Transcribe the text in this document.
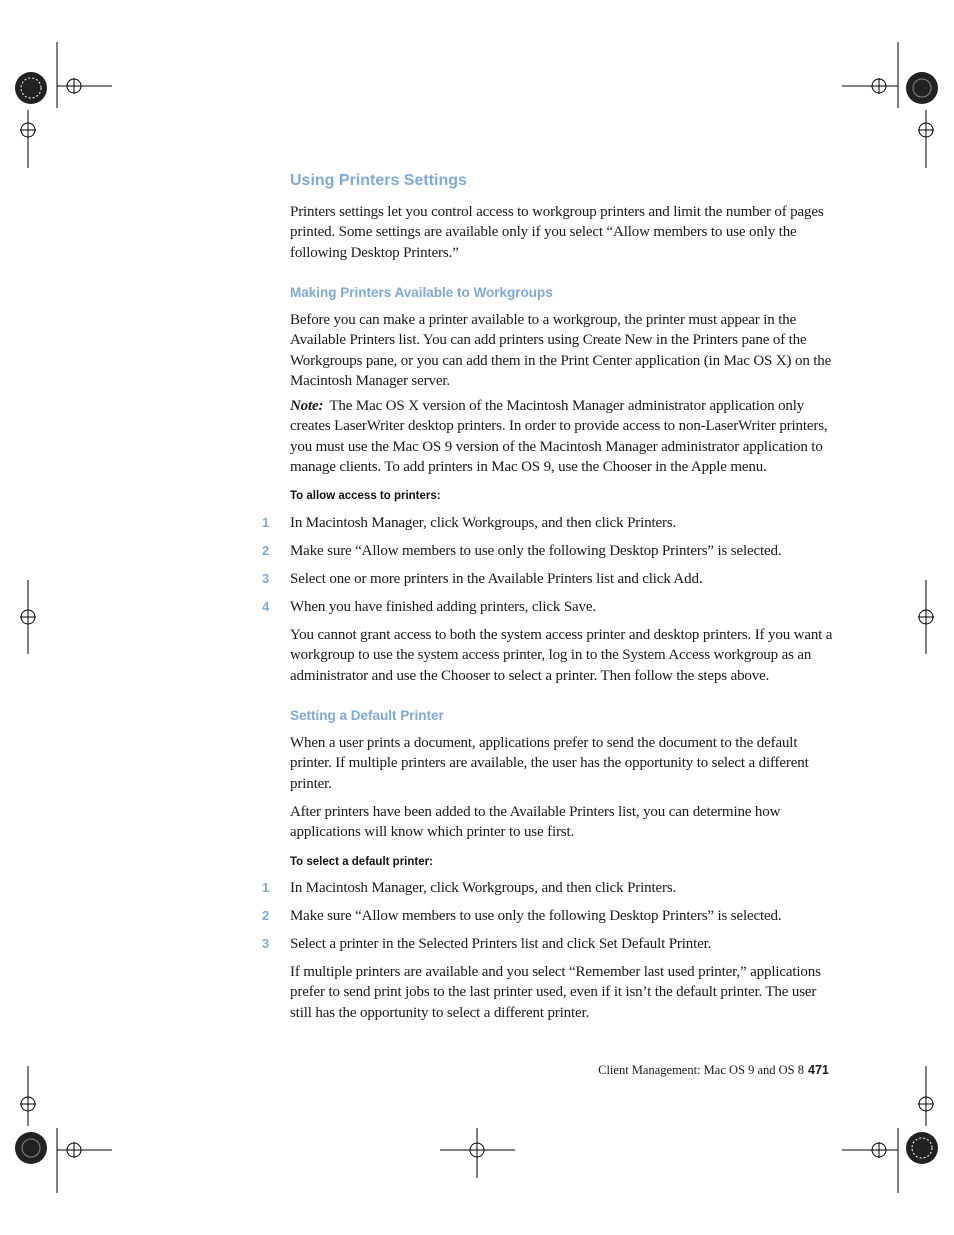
Using Printers Settings

Printers settings let you control access to workgroup printers and limit the number of pages printed. Some settings are available only if you select “Allow members to use only the following Desktop Printers.”

Making Printers Available to Workgroups

Before you can make a printer available to a workgroup, the printer must appear in the Available Printers list. You can add printers using Create New in the Printers pane of the Workgroups pane, or you can add them in the Print Center application (in Mac OS X) on the Macintosh Manager server.

Note: The Mac OS X version of the Macintosh Manager administrator application only creates LaserWriter desktop printers. In order to provide access to non-LaserWriter printers, you must use the Mac OS 9 version of the Macintosh Manager administrator application to manage clients. To add printers in Mac OS 9, use the Chooser in the Apple menu.

To allow access to printers:

1 In Macintosh Manager, click Workgroups, and then click Printers.

2 Make sure “Allow members to use only the following Desktop Printers” is selected.

3 Select one or more printers in the Available Printers list and click Add.

4 When you have finished adding printers, click Save.

You cannot grant access to both the system access printer and desktop printers. If you want a workgroup to use the system access printer, log in to the System Access workgroup as an administrator and use the Chooser to select a printer. Then follow the steps above.

Setting a Default Printer

When a user prints a document, applications prefer to send the document to the default printer. If multiple printers are available, the user has the opportunity to select a different printer.

After printers have been added to the Available Printers list, you can determine how applications will know which printer to use first.

To select a default printer:

1 In Macintosh Manager, click Workgroups, and then click Printers.

2 Make sure “Allow members to use only the following Desktop Printers” is selected.

3 Select a printer in the Selected Printers list and click Set Default Printer.

If multiple printers are available and you select “Remember last used printer,” applications prefer to send print jobs to the last printer used, even if it isn’t the default printer. The user still has the opportunity to select a different printer.

Client Management: Mac OS 9 and OS 8 471
